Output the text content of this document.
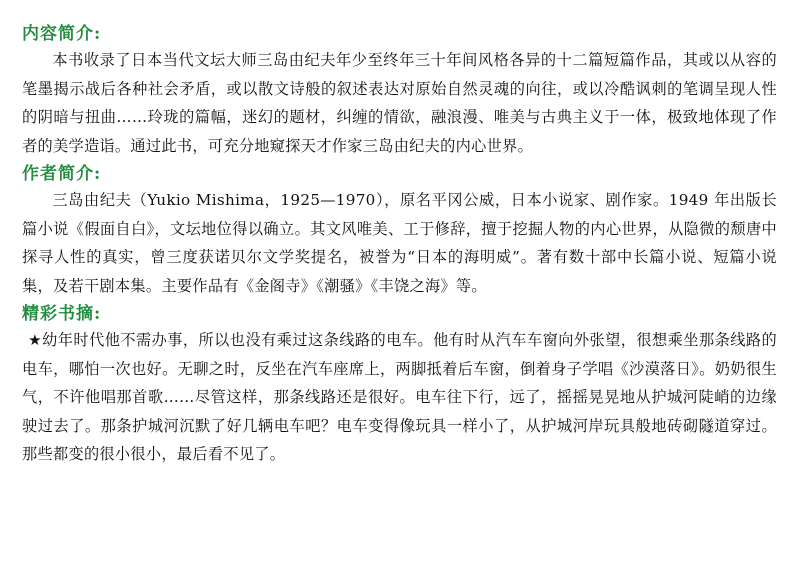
内容简介:

本书收录了日本当代文坛大师三岛由纪夫年少至终年三十年间风格各异的十二篇短篇作品，其或以从容的笔墨揭示战后各种社会矛盾，或以散文诗般的叙述表达对原始自然灵魂的向往，或以冷酷讽刺的笔调呈现人性的阴暗与扭曲……玲珑的篇幅，迷幻的题材，纠缠的情欲，融浪漫、唯美与古典主义于一体，极致地体现了作者的美学造诣。通过此书，可充分地窥探天才作家三岛由纪夫的内心世界。

作者简介:

三岛由纪夫（Yukio Mishima，1925—1970），原名平冈公威，日本小说家、剧作家。1949 年出版长篇小说《假面自白》，文坛地位得以确立。其文风唯美、工于修辞，擅于挖掘人物的内心世界，从隐微的颓唐中探寻人性的真实，曾三度获诺贝尔文学奖提名，被誉为“日本的海明威”。著有数十部中长篇小说、短篇小说集，及若干剧本集。主要作品有《金阁寺》《潮骚》《丰饶之海》等。

精彩书摘:

★幼年时代他不需办事，所以也没有乘过这条线路的电车。他有时从汽车车窗向外张望，很想乘坐那条线路的电车，哪怕一次也好。无聊之时，反坐在汽车座席上，两脚抵着后车窗，倒着身子学唱《沙漠落日》。奶奶很生气，不许他唱那首歌……尽管这样，那条线路还是很好。电车往下行，远了，摇摇晃晃地从护城河陡峭的边缘驶过去了。那条护城河沉默了好几辆电车吧？电车变得像玩具一样小了，从护城河岸玩具般地砖砌隧道穿过。那些都变的很小很小，最后看不见了。
